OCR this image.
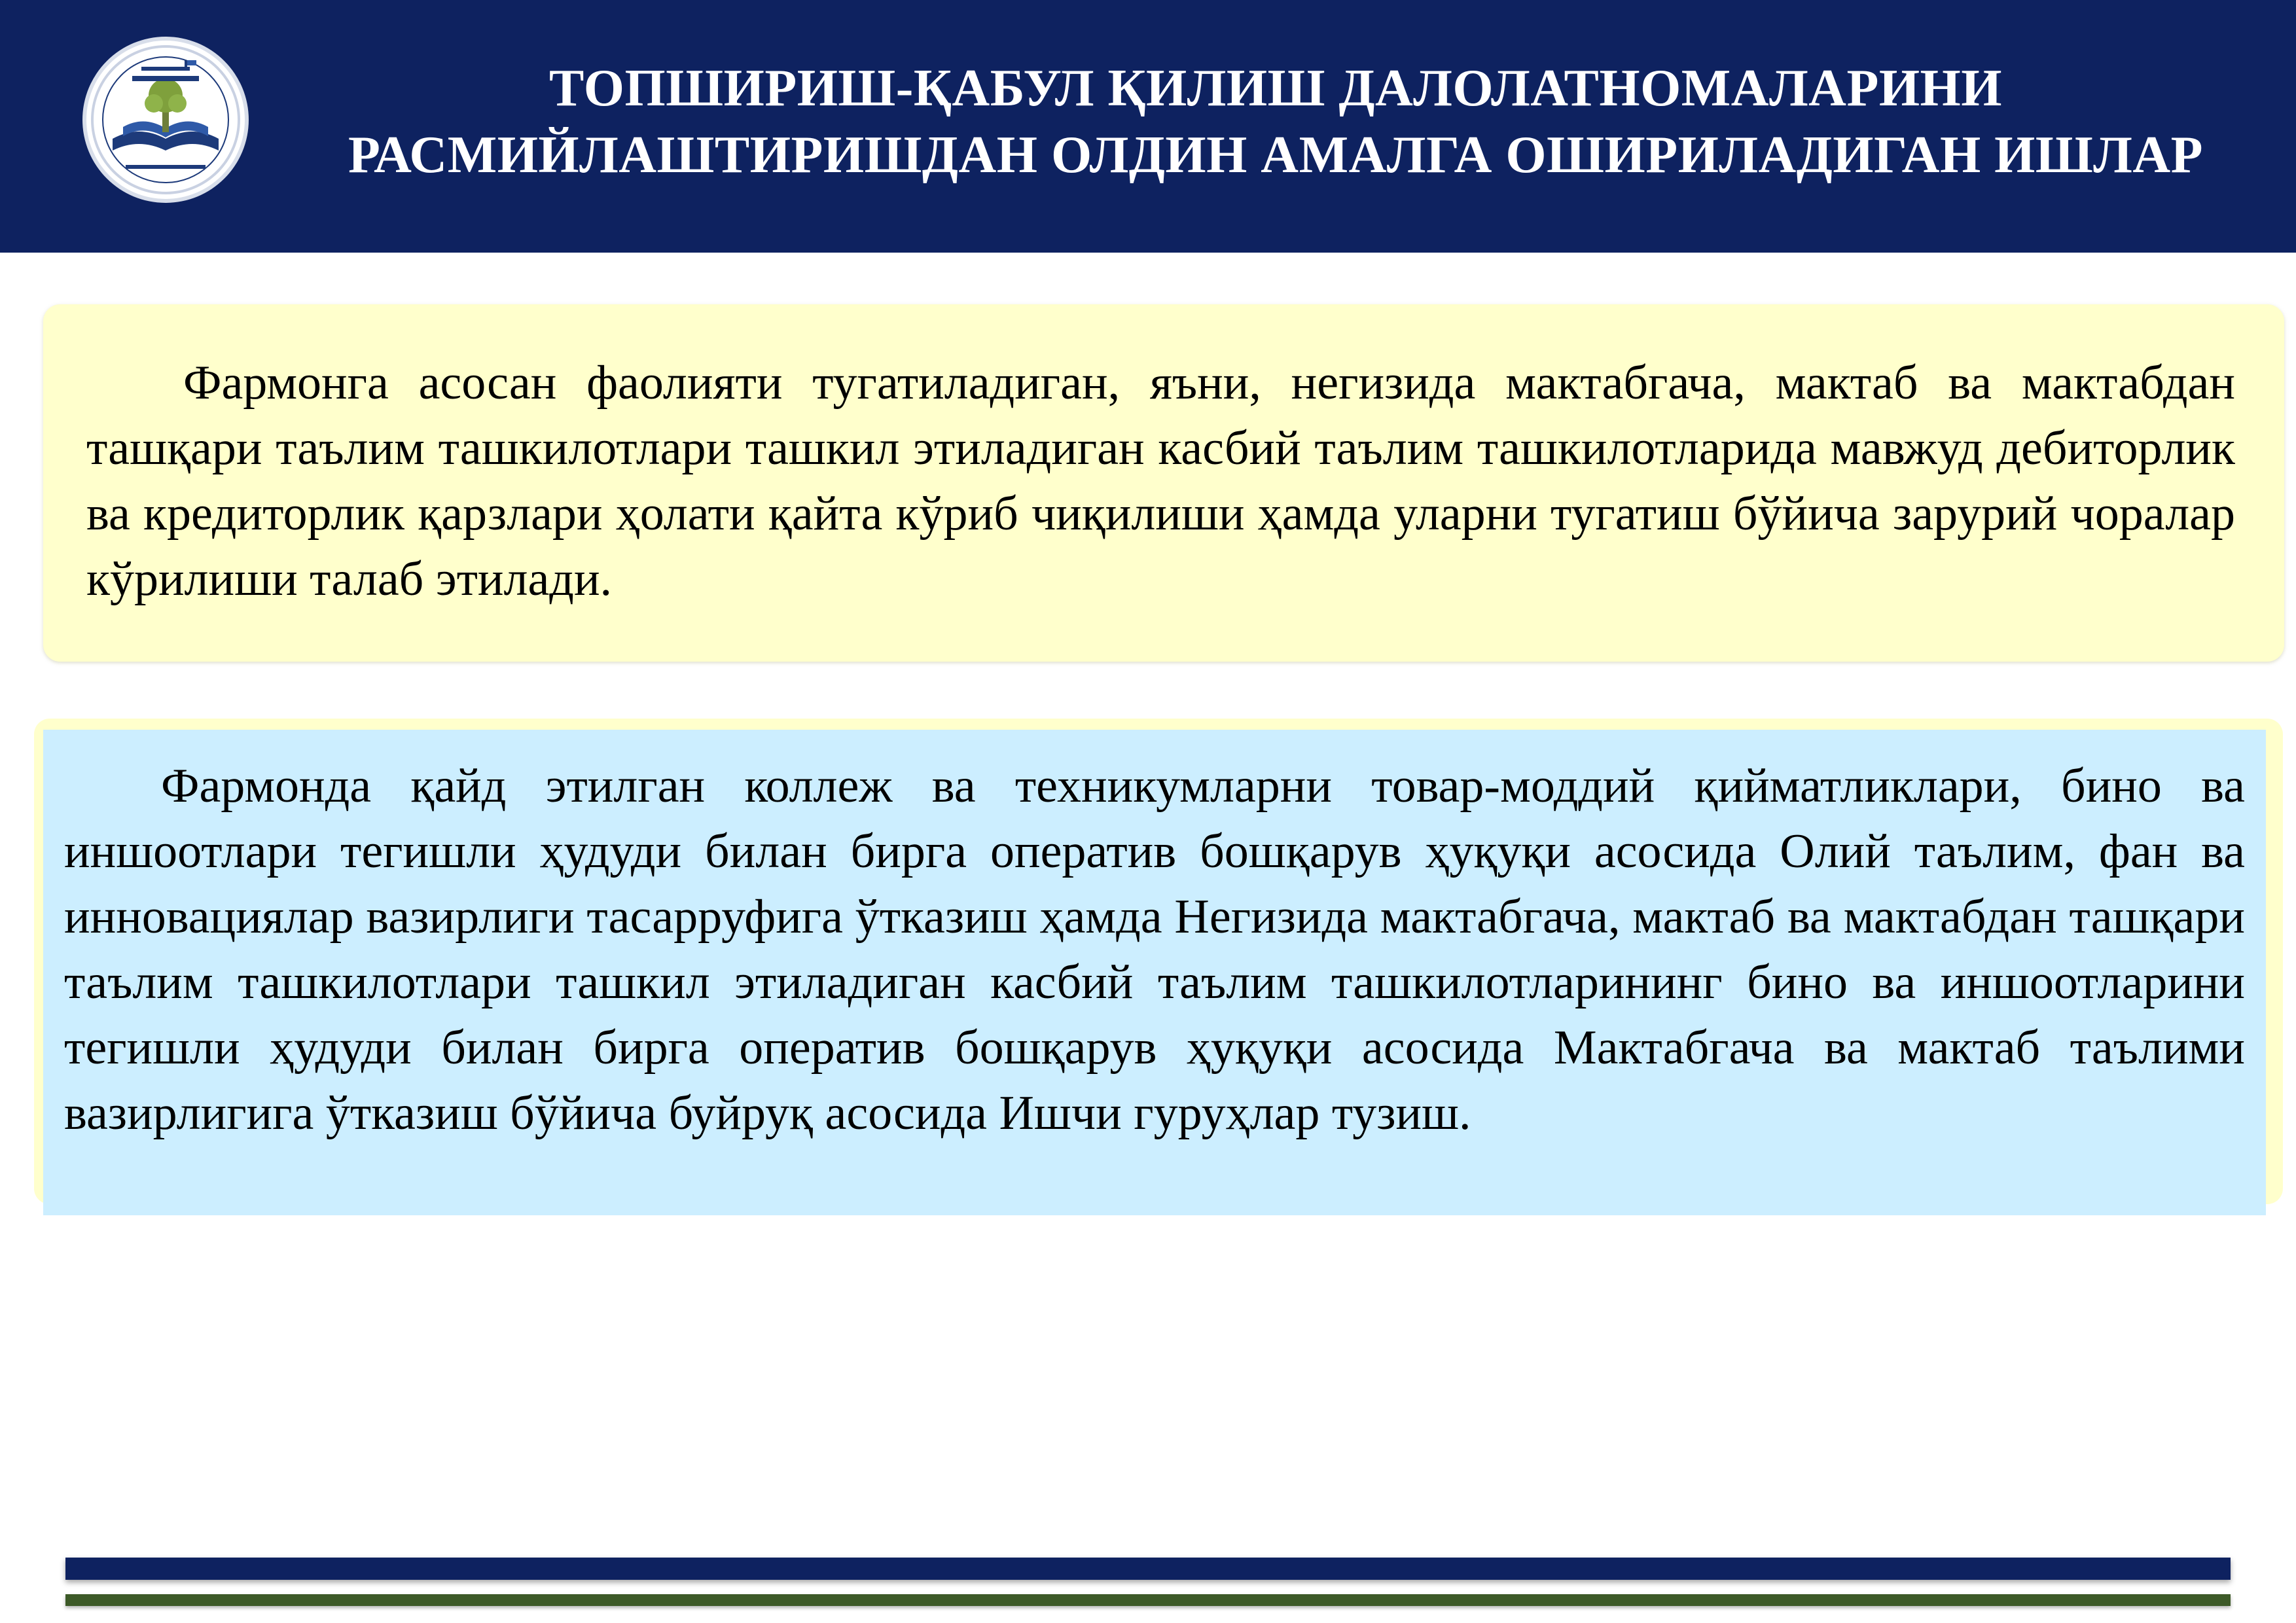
ТОПШИРИШ-ҚАБУЛ ҚИЛИШ ДАЛОЛАТНОМАЛАРИНИ
РАСМИЙЛАШТИРИШДАН ОЛДИН АМАЛГА ОШИРИЛАДИГАН ИШЛАР

Фармонга асосан фаолияти тугатиладиган, яъни, негизида мактабгача, мактаб ва мактабдан ташқари таълим ташкилотлари ташкил этиладиган касбий таълим ташкилотларида мавжуд дебиторлик ва кредиторлик қарзлари ҳолати қайта кўриб чиқилиши ҳамда уларни тугатиш бўйича зарурий чоралар кўрилиши талаб этилади.

Фармонда қайд этилган коллеж ва техникумларни товар-моддий қийматликлари, бино ва иншоотлари тегишли ҳудуди билан бирга оператив бошқарув ҳуқуқи асосида Олий таълим, фан ва инновациялар вазирлиги тасарруфига ўтказиш ҳамда Негизида мактабгача, мактаб ва мактабдан ташқари таълим ташкилотлари ташкил этиладиган касбий таълим ташкилотларининг бино ва иншоотларини тегишли ҳудуди билан бирга оператив бошқарув ҳуқуқи асосида Мактабгача ва мактаб таълими вазирлигига ўтказиш бўйича буйруқ асосида Ишчи гуруҳлар тузиш.
